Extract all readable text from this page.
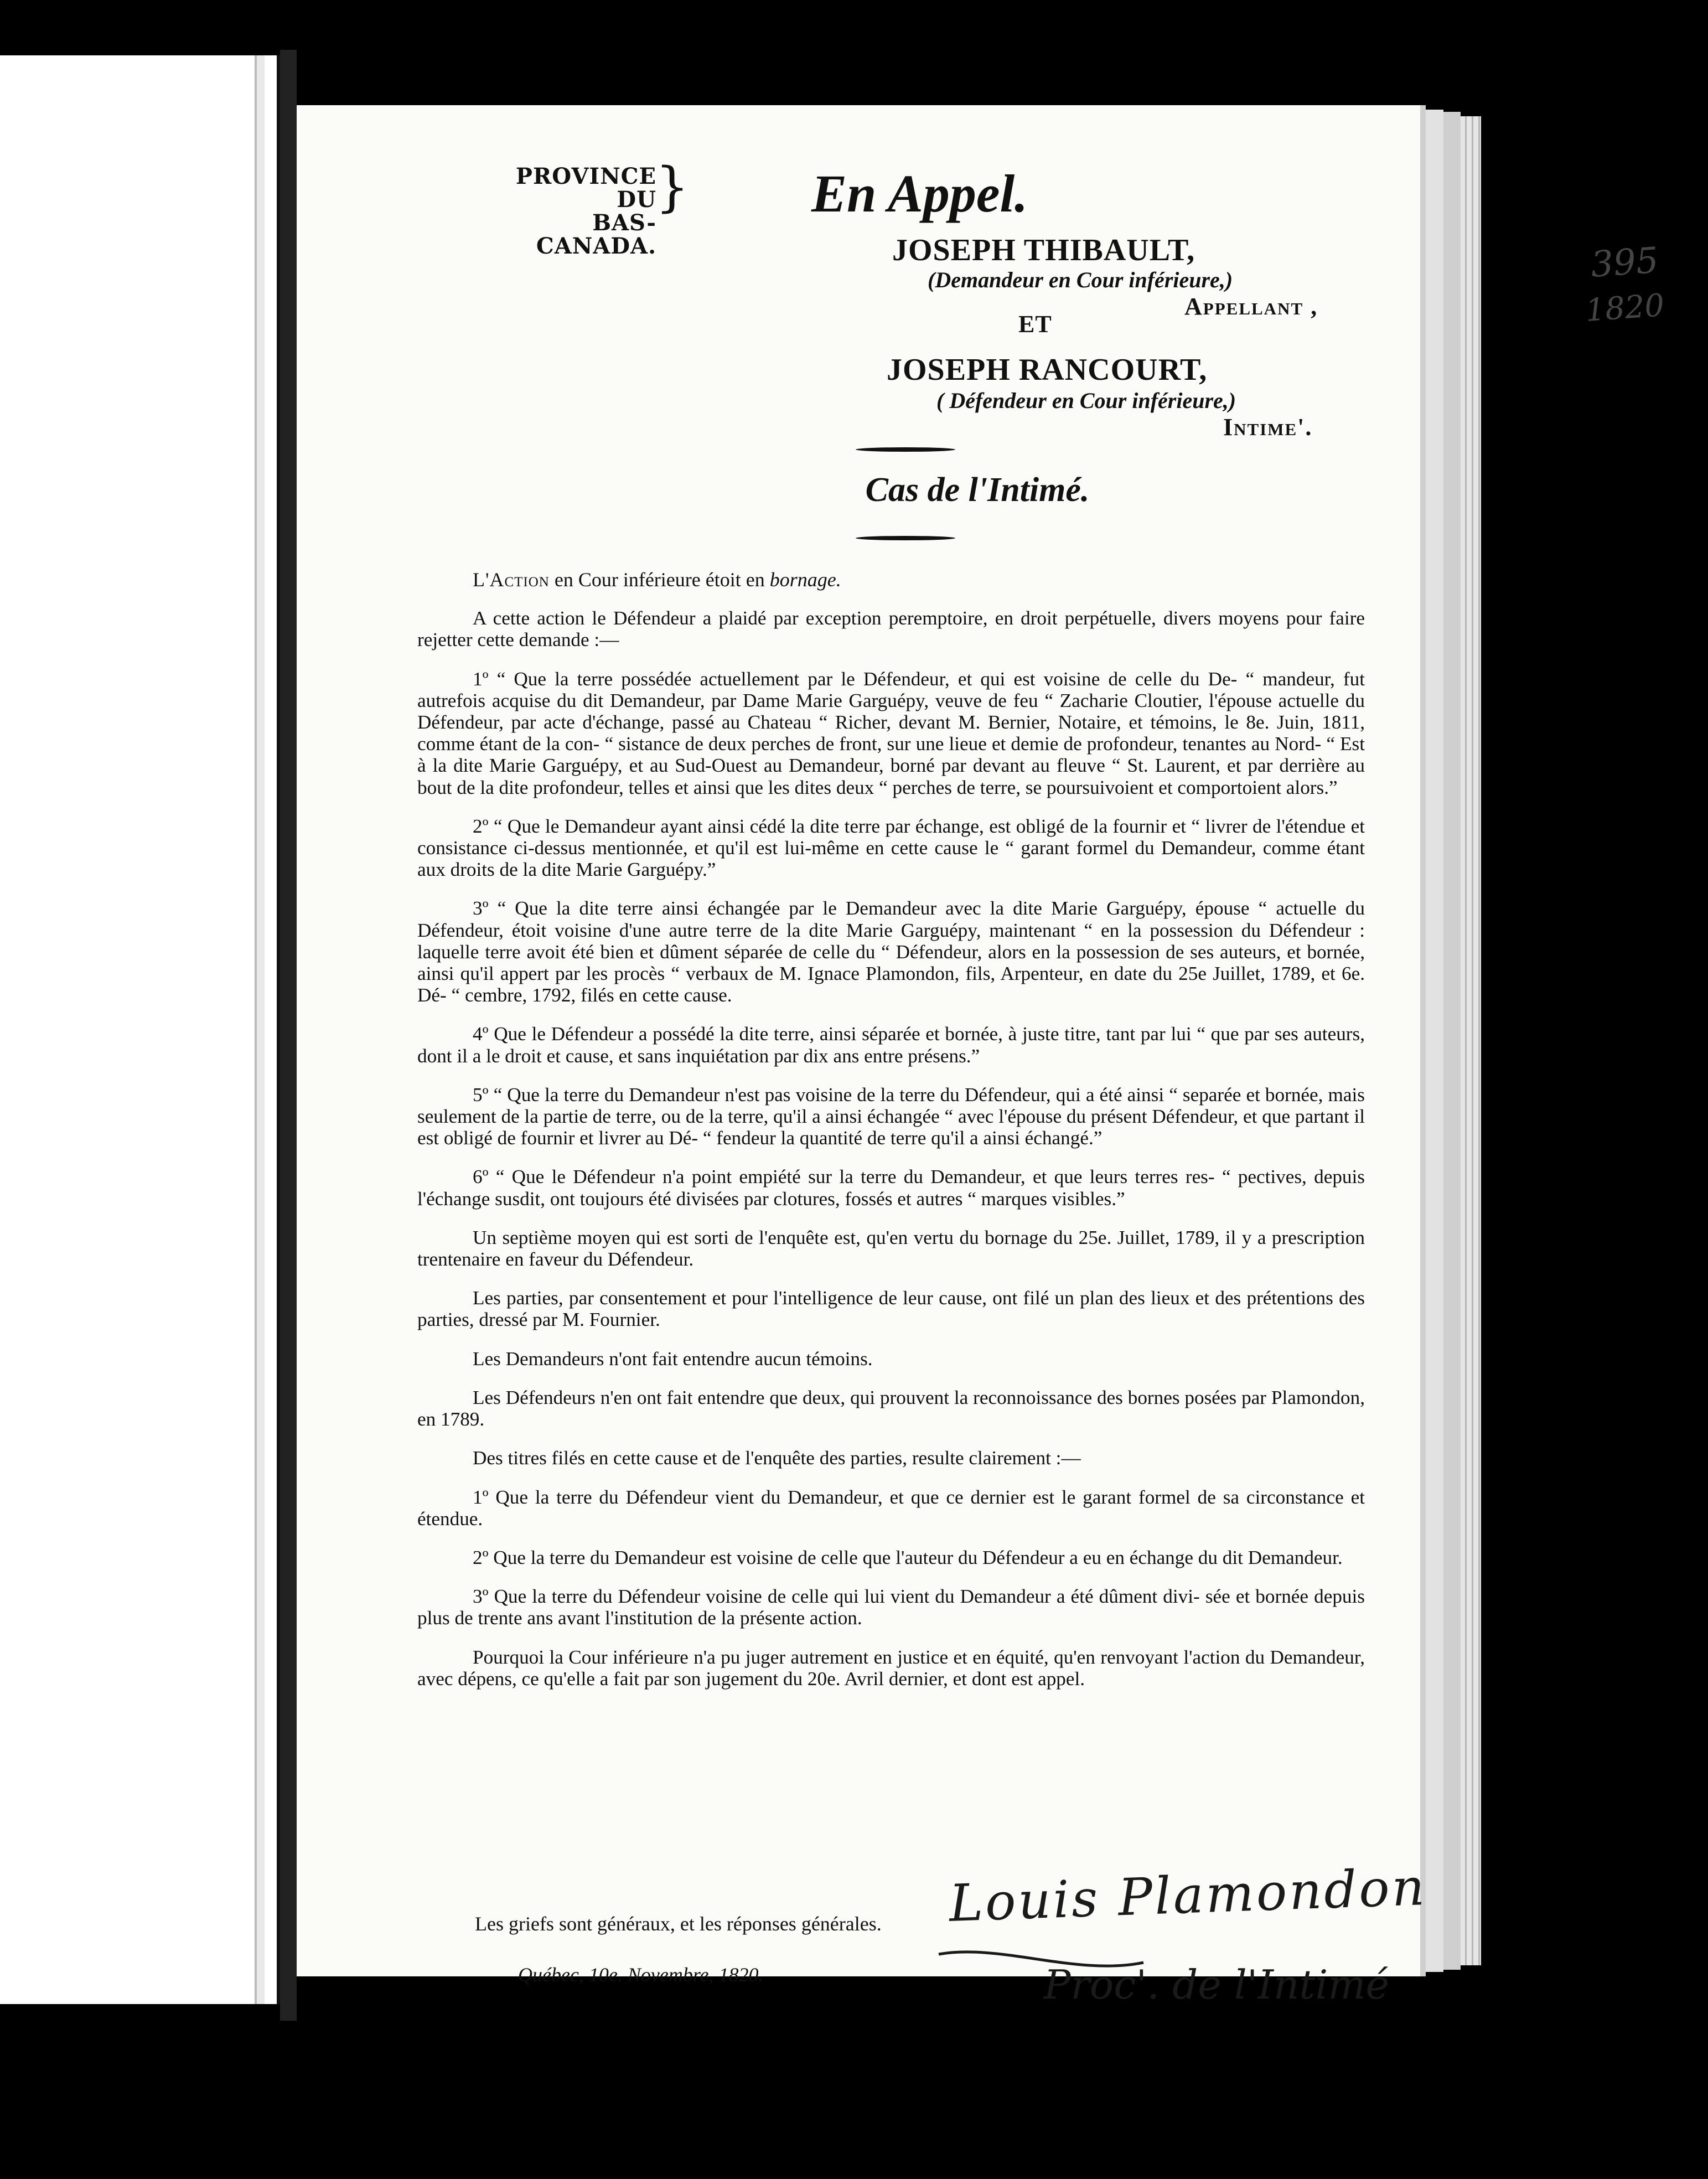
PROVINCE DU
BAS-CANADA.
} En Appel.
395
1820
JOSEPH THIBAULT,
(Demandeur en Cour inférieure,)
Appellant ,
ET
JOSEPH RANCOURT,
( Défendeur en Cour inférieure,)
Intime'.
Cas de l'Intimé.

L'Action en Cour inférieure étoit en bornage.

A cette action le Défendeur a plaidé par exception peremptoire, en droit perpétuelle, divers moyens pour faire rejetter cette demande :—

1º “ Que la terre possédée actuellement par le Défendeur, et qui est voisine de celle du De- “ mandeur, fut autrefois acquise du dit Demandeur, par Dame Marie Garguépy, veuve de feu “ Zacharie Cloutier, l'épouse actuelle du Défendeur, par acte d'échange, passé au Chateau “ Richer, devant M. Bernier, Notaire, et témoins, le 8e. Juin, 1811, comme étant de la con- “ sistance de deux perches de front, sur une lieue et demie de profondeur, tenantes au Nord- “ Est à la dite Marie Garguépy, et au Sud-Ouest au Demandeur, borné par devant au fleuve “ St. Laurent, et par derrière au bout de la dite profondeur, telles et ainsi que les dites deux “ perches de terre, se poursuivoient et comportoient alors.”

2º “ Que le Demandeur ayant ainsi cédé la dite terre par échange, est obligé de la fournir et “ livrer de l'étendue et consistance ci-dessus mentionnée, et qu'il est lui-même en cette cause le “ garant formel du Demandeur, comme étant aux droits de la dite Marie Garguépy.”

3º “ Que la dite terre ainsi échangée par le Demandeur avec la dite Marie Garguépy, épouse “ actuelle du Défendeur, étoit voisine d'une autre terre de la dite Marie Garguépy, maintenant “ en la possession du Défendeur : laquelle terre avoit été bien et dûment séparée de celle du “ Défendeur, alors en la possession de ses auteurs, et bornée, ainsi qu'il appert par les procès “ verbaux de M. Ignace Plamondon, fils, Arpenteur, en date du 25e Juillet, 1789, et 6e. Dé- “ cembre, 1792, filés en cette cause.

4º Que le Défendeur a possédé la dite terre, ainsi séparée et bornée, à juste titre, tant par lui “ que par ses auteurs, dont il a le droit et cause, et sans inquiétation par dix ans entre présens.”

5º “ Que la terre du Demandeur n'est pas voisine de la terre du Défendeur, qui a été ainsi “ separée et bornée, mais seulement de la partie de terre, ou de la terre, qu'il a ainsi échangée “ avec l'épouse du présent Défendeur, et que partant il est obligé de fournir et livrer au Dé- “ fendeur la quantité de terre qu'il a ainsi échangé.”

6º “ Que le Défendeur n'a point empiété sur la terre du Demandeur, et que leurs terres res- “ pectives, depuis l'échange susdit, ont toujours été divisées par clotures, fossés et autres “ marques visibles.”

Un septième moyen qui est sorti de l'enquête est, qu'en vertu du bornage du 25e. Juillet, 1789, il y a prescription trentenaire en faveur du Défendeur.

Les parties, par consentement et pour l'intelligence de leur cause, ont filé un plan des lieux et des prétentions des parties, dressé par M. Fournier.

Les Demandeurs n'ont fait entendre aucun témoins.

Les Défendeurs n'en ont fait entendre que deux, qui prouvent la reconnoissance des bornes posées par Plamondon, en 1789.

Des titres filés en cette cause et de l'enquête des parties, resulte clairement :—

1º Que la terre du Défendeur vient du Demandeur, et que ce dernier est le garant formel de sa circonstance et étendue.

2º Que la terre du Demandeur est voisine de celle que l'auteur du Défendeur a eu en échange du dit Demandeur.

3º Que la terre du Défendeur voisine de celle qui lui vient du Demandeur a été dûment divi- sée et bornée depuis plus de trente ans avant l'institution de la présente action.

Pourquoi la Cour inférieure n'a pu juger autrement en justice et en équité, qu'en renvoyant l'action du Demandeur, avec dépens, ce qu'elle a fait par son jugement du 20e. Avril dernier, et dont est appel.

Les griefs sont généraux, et les réponses générales.
Québec, 10e. Novembre, 1820.
Louis Plamondon
Proc'. de l'Intimé
